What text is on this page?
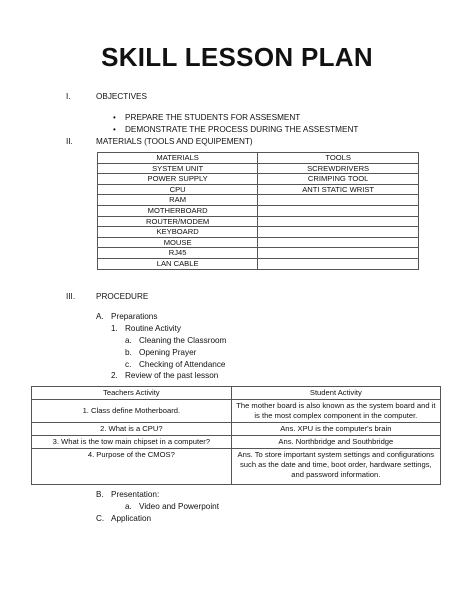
SKILL LESSON PLAN
I.	OBJECTIVES
• PREPARE THE STUDENTS FOR ASSESMENT
• DEMONSTRATE THE PROCESS DURING THE ASSESTMENT
II.	MATERIALS (TOOLS AND EQUIPEMENT)
MATERIALS	TOOLS
SYSTEM UNIT	SCREWDRIVERS
POWER SUPPLY	CRIMPING TOOL
CPU	ANTI STATIC WRIST
RAM	
MOTHERBOARD	
ROUTER/MODEM	
KEYBOARD	
MOUSE	
RJ45	
LAN CABLE	
III.	PROCEDURE
A. Preparations
1. Routine Activity
a. Cleaning the Classroom
b. Opening Prayer
c. Checking of Attendance
2. Review of the past lesson
Teachers Activity	Student Activity
1. Class define Motherboard.	The mother board is also known as the system board and it
is the most complex component in the computer.

2. What is a CPU?	Ans. XPU is the computer's brain

3. What is the tow main chipset in a computer?	Ans. Northbridge and Southbridge

4. Purpose of the CMOS?	Ans. To store important system settings and configurations
such as the date and time, boot order, hardware settings,
and password information.
B. Presentation:
a. Video and Powerpoint
C. Application
